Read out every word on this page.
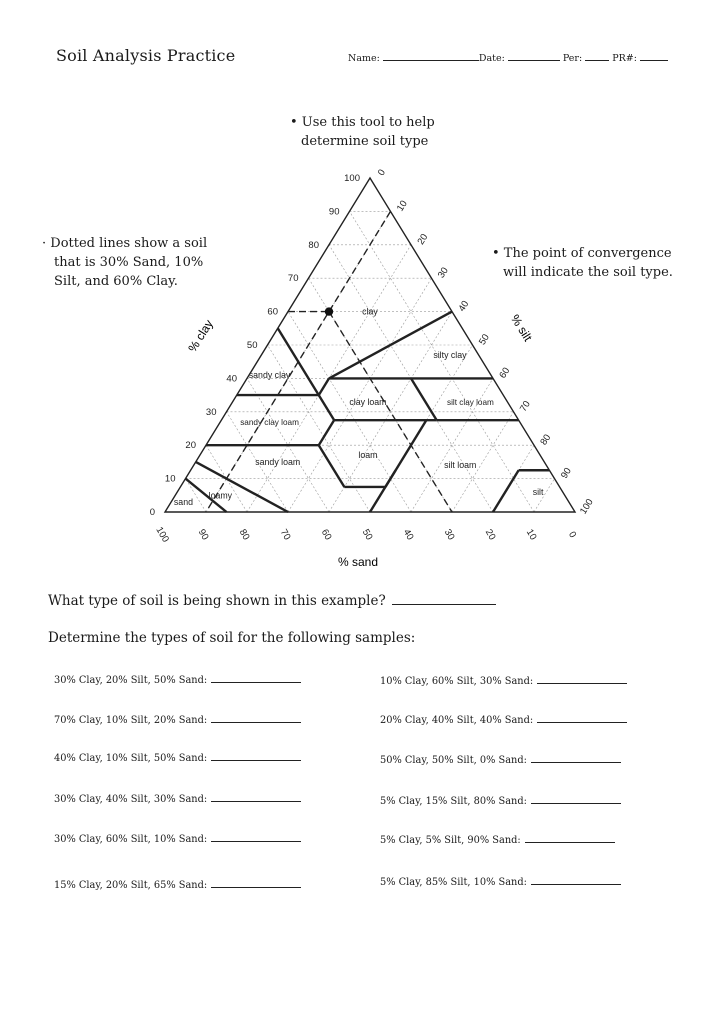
Soil Analysis Practice	Name:	Date:	Per:	PR#:
• Use this tool to help
determine soil type
· Dotted lines show a soil
that is 30% Sand, 10%
Silt, and 60% Clay.
• The point of convergence
will indicate the soil type.
clay
silty clay
sandy clay
clay loam	silt clay loam
sandy clay loam
loam
sandy loam	silt loam
loamy
sand
silt
0
10
20
30
40
50
60
70
80
90
100
0
10
20
30
40
50
60
70
80
90
100
100	90	80	70	60	50	40	30	20	10	0
% clay	% silt
% sand
What type of soil is being shown in this example?
Determine the types of soil for the following samples:
30% Clay, 20% Silt, 50% Sand:
70% Clay, 10% Silt, 20% Sand:
40% Clay, 10% Silt, 50% Sand:
30% Clay, 40% Silt, 30% Sand:
30% Clay, 60% Silt, 10% Sand:
15% Clay, 20% Silt, 65% Sand:
10% Clay, 60% Silt, 30% Sand:
20% Clay, 40% Silt, 40% Sand:
50% Clay, 50% Silt, 0% Sand:
5% Clay, 15% Silt, 80% Sand:
5% Clay, 5% Silt, 90% Sand:
5% Clay, 85% Silt, 10% Sand:
